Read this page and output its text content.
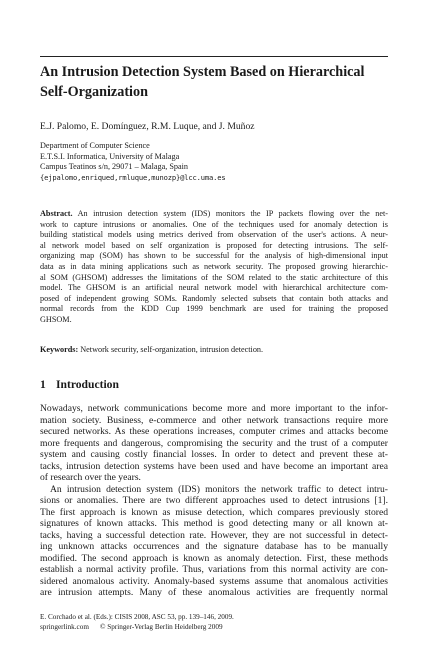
An Intrusion Detection System Based on Hierarchical
Self-Organization

E.J. Palomo, E. Domínguez, R.M. Luque, and J. Muñoz

Department of Computer Science
E.T.S.I. Informatica, University of Malaga
Campus Teatinos s/n, 29071 – Malaga, Spain
{ejpalomo,enriqued,rmluque,munozp}@lcc.uma.es
Abstract. An intrusion detection system (IDS) monitors the IP packets flowing over the net-
work to capture intrusions or anomalies. One of the techniques used for anomaly detection is
building statistical models using metrics derived from observation of the user's actions. A neur-
al network model based on self organization is proposed for detecting intrusions. The self-
organizing map (SOM) has shown to be successful for the analysis of high-dimensional input
data as in data mining applications such as network security. The proposed growing hierarchic-
al SOM (GHSOM) addresses the limitations of the SOM related to the static architecture of this
model. The GHSOM is an artificial neural network model with hierarchical architecture com-
posed of independent growing SOMs. Randomly selected subsets that contain both attacks and
normal records from the KDD Cup 1999 benchmark are used for training the proposed
GHSOM.
Keywords: Network security, self-organization, intrusion detection.
1 Introduction
Nowadays, network communications become more and more important to the infor-
mation society. Business, e-commerce and other network transactions require more
secured networks. As these operations increases, computer crimes and attacks become
more frequents and dangerous, compromising the security and the trust of a computer
system and causing costly financial losses. In order to detect and prevent these at-
tacks, intrusion detection systems have been used and have become an important area
of research over the years.
An intrusion detection system (IDS) monitors the network traffic to detect intru-
sions or anomalies. There are two different approaches used to detect intrusions [1].
The first approach is known as misuse detection, which compares previously stored
signatures of known attacks. This method is good detecting many or all known at-
tacks, having a successful detection rate. However, they are not successful in detect-
ing unknown attacks occurrences and the signature database has to be manually
modified. The second approach is known as anomaly detection. First, these methods
establish a normal activity profile. Thus, variations from this normal activity are con-
sidered anomalous activity. Anomaly-based systems assume that anomalous activities
are intrusion attempts. Many of these anomalous activities are frequently normal
E. Corchado et al. (Eds.): CISIS 2008, ASC 53, pp. 139–146, 2009.
springerlink.com © Springer-Verlag Berlin Heidelberg 2009
